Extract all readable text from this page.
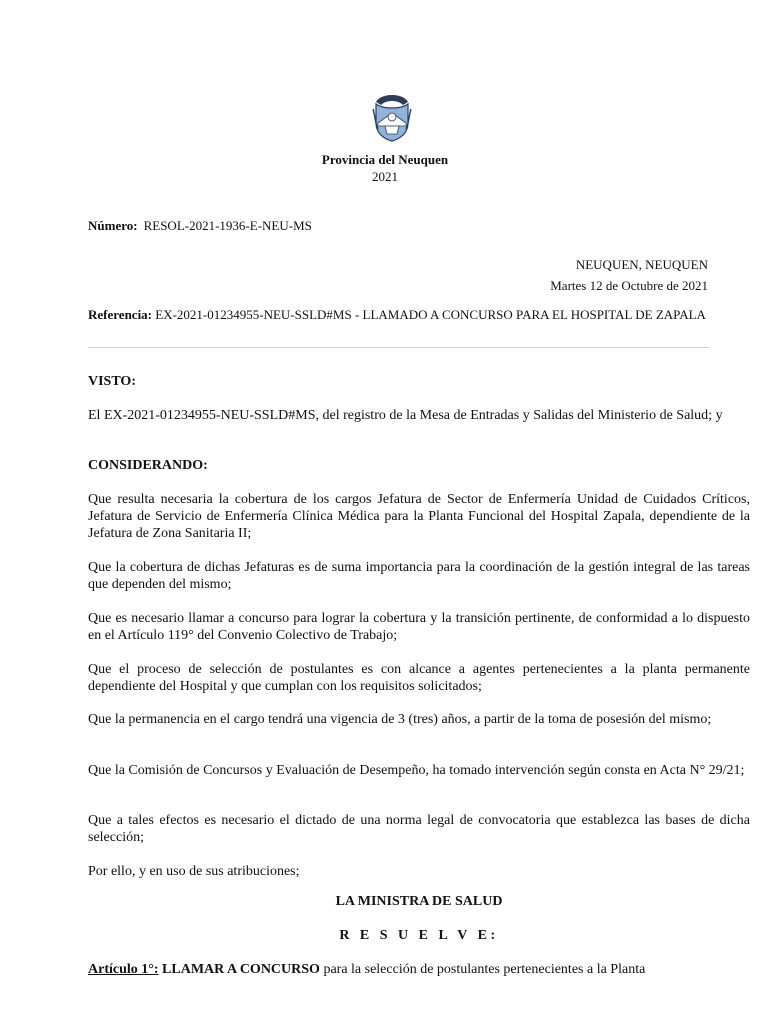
Provincia del Neuquen
2021
Número: RESOL-2021-1936-E-NEU-MS
NEUQUEN, NEUQUEN
Martes 12 de Octubre de 2021
Referencia: EX-2021-01234955-NEU-SSLD#MS - LLAMADO A CONCURSO PARA EL HOSPITAL DE ZAPALA
VISTO:

El EX-2021-01234955-NEU-SSLD#MS, del registro de la Mesa de Entradas y Salidas del Ministerio de Salud; y

CONSIDERANDO:

Que resulta necesaria la cobertura de los cargos Jefatura de Sector de Enfermería Unidad de Cuidados Críticos, Jefatura de Servicio de Enfermería Clínica Médica para la Planta Funcional del Hospital Zapala, dependiente de la Jefatura de Zona Sanitaria II;

Que la cobertura de dichas Jefaturas es de suma importancia para la coordinación de la gestión integral de las tareas que dependen del mismo;

Que es necesario llamar a concurso para lograr la cobertura y la transición pertinente, de conformidad a lo dispuesto en el Artículo 119° del Convenio Colectivo de Trabajo;

Que el proceso de selección de postulantes es con alcance a agentes pertenecientes a la planta permanente dependiente del Hospital y que cumplan con los requisitos solicitados;

Que la permanencia en el cargo tendrá una vigencia de 3 (tres) años, a partir de la toma de posesión del mismo;

Que la Comisión de Concursos y Evaluación de Desempeño, ha tomado intervención según consta en Acta N° 29/21;

Que a tales efectos es necesario el dictado de una norma legal de convocatoria que establezca las bases de dicha selección;

Por ello, y en uso de sus atribuciones;

LA MINISTRA DE SALUD
R E S U E L V E:

Artículo 1°: LLAMAR A CONCURSO para la selección de postulantes pertenecientes a la Planta
